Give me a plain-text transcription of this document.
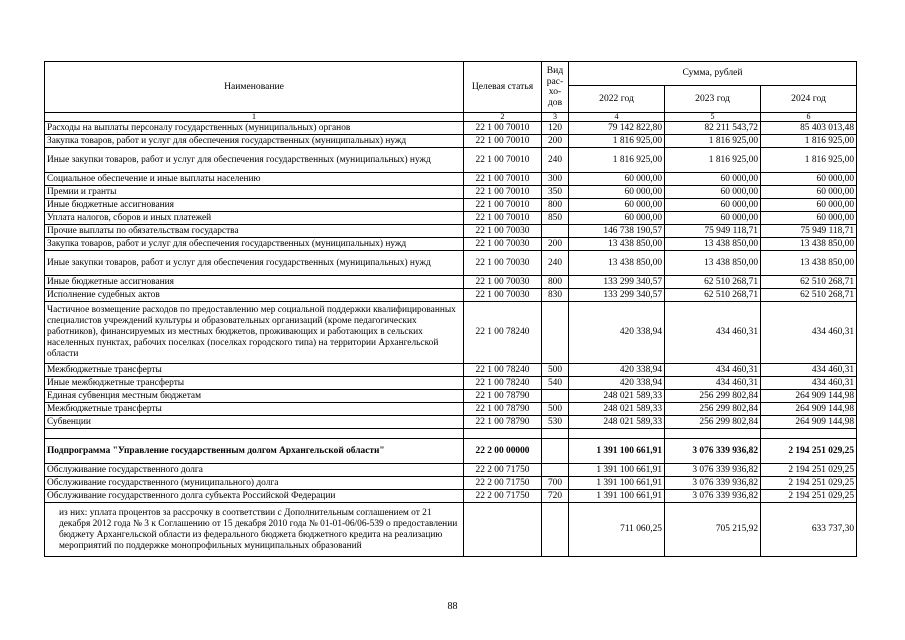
Наименование	Целевая статья	Вид
рас-
хо-
дов	Сумма, рублей		
			2022 год	2023 год	2024 год
1	2	3	4	5	6
Расходы на выплаты персоналу государственных (муниципальных) органов	22 1 00 70010	120	79 142 822,80	82 211 543,72	85 403 013,48
Закупка товаров, работ и услуг для обеспечения государственных (муниципальных) нужд	22 1 00 70010	200	1 816 925,00	1 816 925,00	1 816 925,00
Иные закупки товаров, работ и услуг для обеспечения государственных (муниципальных) нужд	22 1 00 70010	240	1 816 925,00	1 816 925,00	1 816 925,00
Социальное обеспечение и иные выплаты населению	22 1 00 70010	300	60 000,00	60 000,00	60 000,00
Премии и гранты	22 1 00 70010	350	60 000,00	60 000,00	60 000,00
Иные бюджетные ассигнования	22 1 00 70010	800	60 000,00	60 000,00	60 000,00
Уплата налогов, сборов и иных платежей	22 1 00 70010	850	60 000,00	60 000,00	60 000,00
Прочие выплаты по обязательствам государства	22 1 00 70030		146 738 190,57	75 949 118,71	75 949 118,71
Закупка товаров, работ и услуг для обеспечения государственных (муниципальных) нужд	22 1 00 70030	200	13 438 850,00	13 438 850,00	13 438 850,00
Иные закупки товаров, работ и услуг для обеспечения государственных (муниципальных) нужд	22 1 00 70030	240	13 438 850,00	13 438 850,00	13 438 850,00
Иные бюджетные ассигнования	22 1 00 70030	800	133 299 340,57	62 510 268,71	62 510 268,71
Исполнение судебных актов	22 1 00 70030	830	133 299 340,57	62 510 268,71	62 510 268,71
Частичное возмещение расходов по предоставлению мер социальной поддержки квалифицированных специалистов учреждений культуры и образовательных организаций (кроме педагогических работников), финансируемых из местных бюджетов, проживающих и работающих в сельских населенных пунктах, рабочих поселках (поселках городского типа) на территории Архангельской области	22 1 00 78240		420 338,94	434 460,31	434 460,31
Межбюджетные трансферты	22 1 00 78240	500	420 338,94	434 460,31	434 460,31
Иные межбюджетные трансферты	22 1 00 78240	540	420 338,94	434 460,31	434 460,31
Единая субвенция местным бюджетам	22 1 00 78790		248 021 589,33	256 299 802,84	264 909 144,98
Межбюджетные трансферты	22 1 00 78790	500	248 021 589,33	256 299 802,84	264 909 144,98
Субвенции	22 1 00 78790	530	248 021 589,33	256 299 802,84	264 909 144,98

Подпрограмма "Управление государственным долгом Архангельской области"	22 2 00 00000		1 391 100 661,91	3 076 339 936,82	2 194 251 029,25
Обслуживание государственного долга	22 2 00 71750		1 391 100 661,91	3 076 339 936,82	2 194 251 029,25
Обслуживание государственного (муниципального) долга	22 2 00 71750	700	1 391 100 661,91	3 076 339 936,82	2 194 251 029,25
Обслуживание государственного долга субъекта Российской Федерации	22 2 00 71750	720	1 391 100 661,91	3 076 339 936,82	2 194 251 029,25
из них: уплата процентов за рассрочку в соответствии с Дополнительным соглашением от 21 декабря 2012 года № 3 к Соглашению от 15 декабря 2010 года № 01-01-06/06-539 о предоставлении бюджету Архангельской области из федерального бюджета бюджетного кредита на реализацию мероприятий по поддержке монопрофильных муниципальных образований			711 060,25	705 215,92	633 737,30
88
